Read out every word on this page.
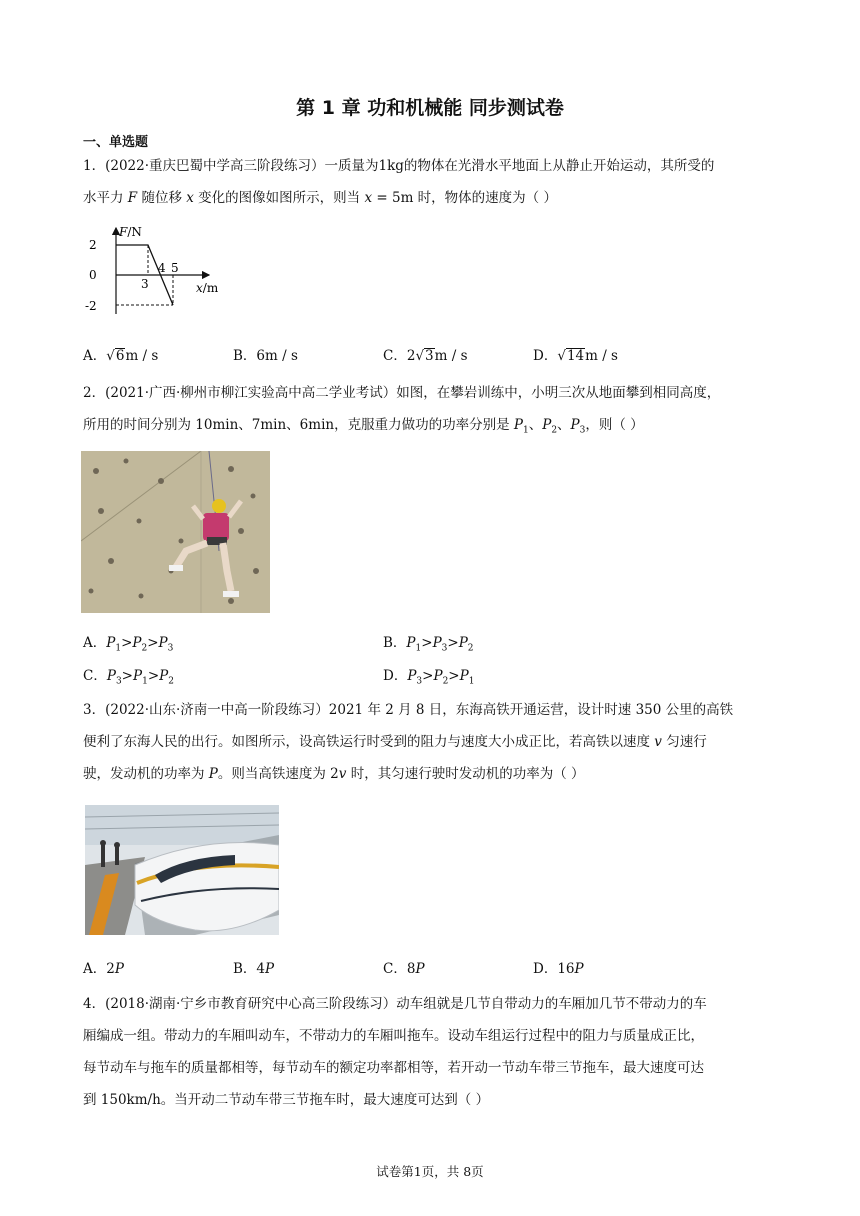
第 1 章 功和机械能 同步测试卷
一、单选题
1．(2022·重庆巴蜀中学高三阶段练习）一质量为1kg的物体在光滑水平地面上从静止开始运动，其所受的
水平力 F 随位移 x 变化的图像如图所示，则当 x = 5m 时，物体的速度为（ ）
F/N
x/m
2
0
-2
3
4 5
A．√6m / s	B．6m / s	C．2√3m / s	D．√14m / s
2．(2021·广西·柳州市柳江实验高中高二学业考试）如图，在攀岩训练中，小明三次从地面攀到相同高度，
所用的时间分别为 10min、7min、6min，克服重力做功的功率分别是 $P_1$、$P_2$、$P_3$，则（ ）
A．$P_1>P_2>P_3$	B．$P_1>P_3>P_2$
C．$P_3>P_1>P_2$	D．$P_3>P_2>P_1$
3．(2022·山东·济南一中高一阶段练习）2021 年 2 月 8 日，东海高铁开通运营，设计时速 350 公里的高铁
便利了东海人民的出行。如图所示，设高铁运行时受到的阻力与速度大小成正比，若高铁以速度 v 匀速行
驶，发动机的功率为 P。则当高铁速度为 2v 时，其匀速行驶时发动机的功率为（ ）
A．2P	B．4P	C．8P	D．16P
4．(2018·湖南·宁乡市教育研究中心高三阶段练习）动车组就是几节自带动力的车厢加几节不带动力的车
厢编成一组。带动力的车厢叫动车，不带动力的车厢叫拖车。设动车组运行过程中的阻力与质量成正比，
每节动车与拖车的质量都相等，每节动车的额定功率都相等，若开动一节动车带三节拖车，最大速度可达
到 150km/h。当开动二节动车带三节拖车时，最大速度可达到（ ）
试卷第1页，共 8页
